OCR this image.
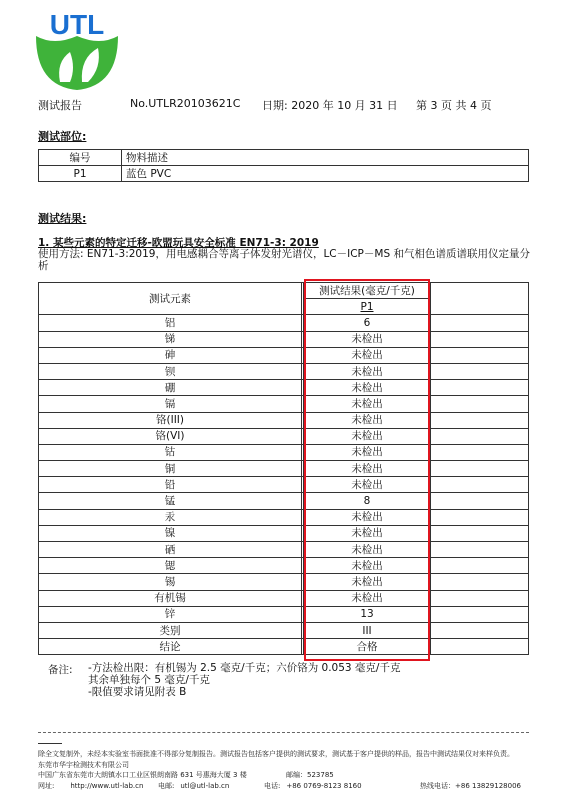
UTL
测试报告	No.UTLR20103621C 日期: 2020 年 10 月 31 日 第 3 页 共 4 页
测试部位:
编号	物料描述
P1	蓝色 PVC
测试结果:
1. 某些元素的特定迁移-欧盟玩具安全标准 EN71-3: 2019
使用方法: EN71-3:2019，用电感耦合等离子体发射光谱仪，LC－ICP－MS 和气相色谱质谱联用仪定量分析
测试元素		测试结果(毫克/千克)	
		P1	
铝		6	
锑		未检出	
砷		未检出	
钡		未检出	
硼		未检出	
镉		未检出	
铬(III)		未检出	
铬(VI)		未检出	
钴		未检出	
铜		未检出	
铅		未检出	
锰		8	
汞		未检出	
镍		未检出	
硒		未检出	
锶		未检出	
锡		未检出	
有机锡		未检出	
锌		13	
类别		III	
结论		合格	
备注: -方法检出限：有机锡为 2.5 毫克/千克；六价铬为 0.053 毫克/千克
其余单独每个 5 毫克/千克
-限值要求请见附表 B
除全文复制外，未经本实验室书面批准不得部分复制报告。测试报告包括客户提供的测试要求，测试基于客户提供的样品，报告中测试结果仅对来样负责。
东莞市华宇检测技术有限公司
中国广东省东莞市大朗镇水口工业区银朗南路 631 号惠海大厦 3 楼	邮编：523785
网址: http://www.utl-lab.cn 电邮: utl@utl-lab.cn	电话: +86 0769-8123 8160	热线电话：+86 13829128006
